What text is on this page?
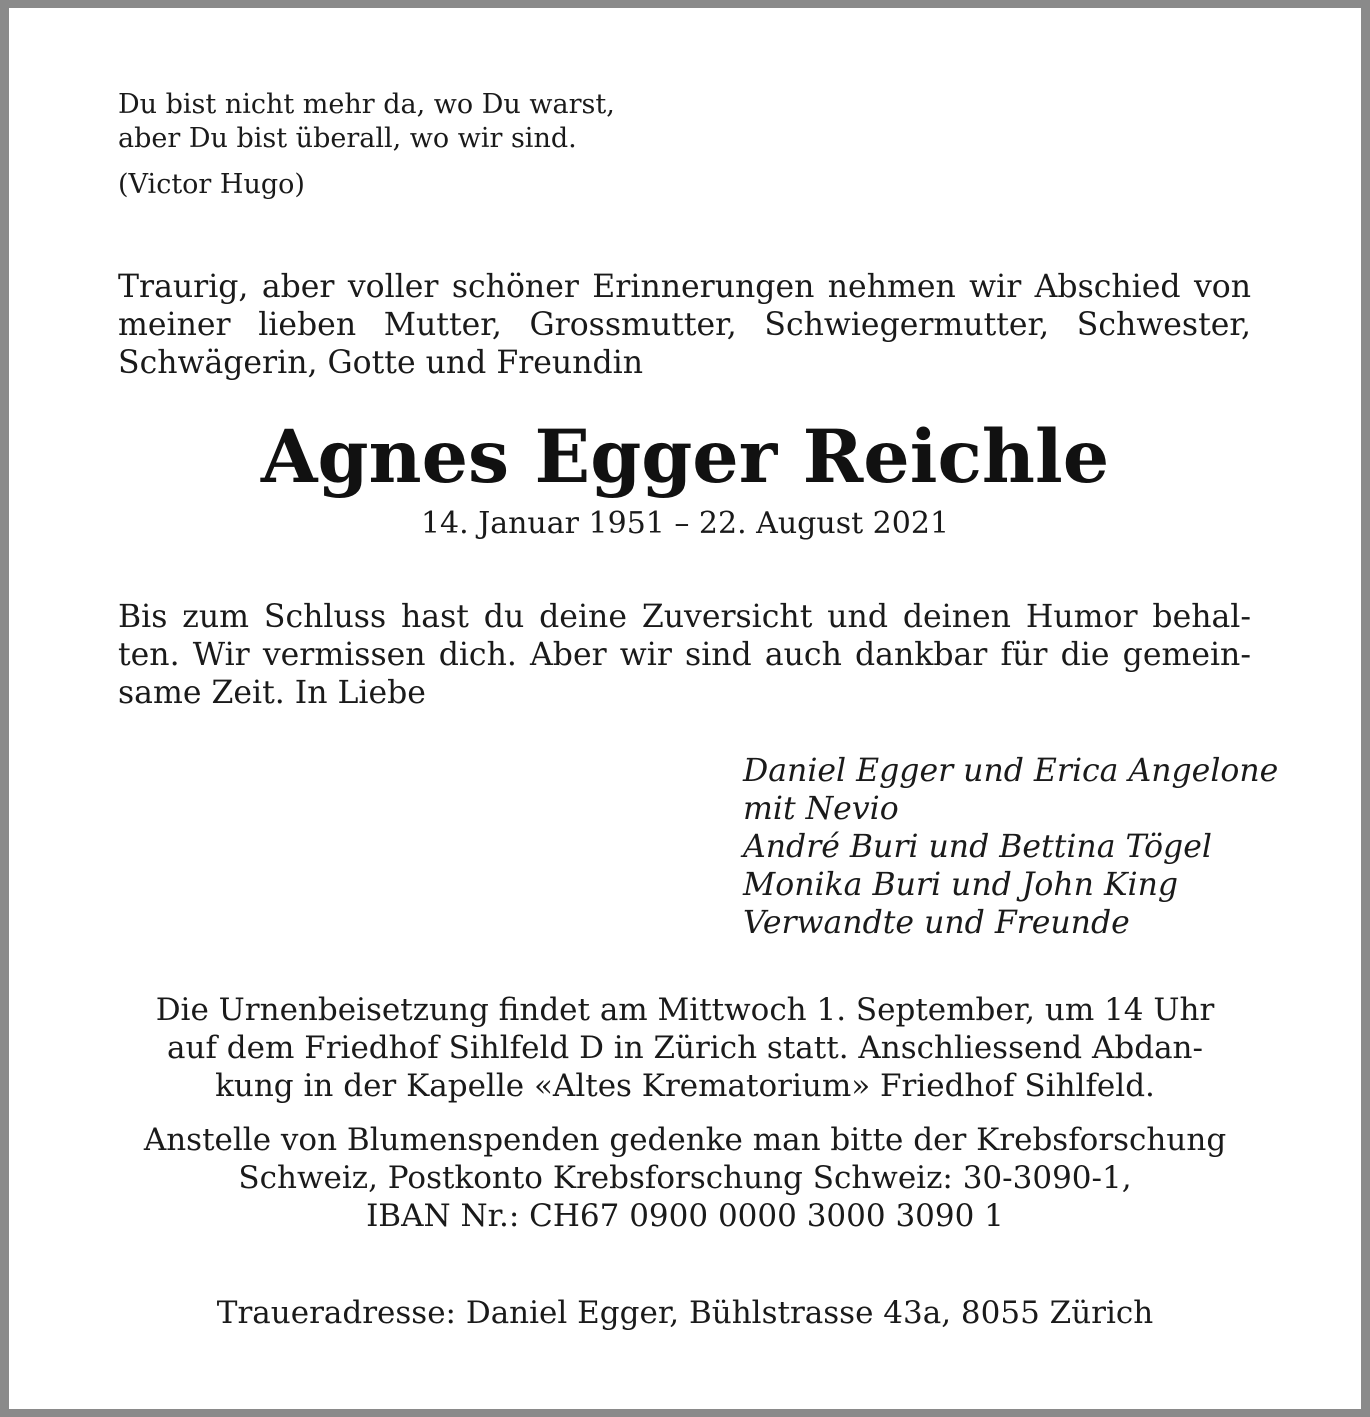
Du bist nicht mehr da, wo Du warst,
aber Du bist überall, wo wir sind.
(Victor Hugo)

Traurig, aber voller schöner Erinnerungen nehmen wir Abschied von meiner lieben Mutter, Grossmutter, Schwiegermutter, Schwester, Schwägerin, Gotte und Freundin

Agnes Egger Reichle
14. Januar 1951 – 22. August 2021
Bis zum Schluss hast du deine Zuversicht und deinen Humor behal-
ten. Wir vermissen dich. Aber wir sind auch dankbar für die gemein-
same Zeit. In Liebe
Daniel Egger und Erica Angelone
mit Nevio
André Buri und Bettina Tögel
Monika Buri und John King
Verwandte und Freunde
Die Urnenbeisetzung findet am Mittwoch 1. September, um 14 Uhr
auf dem Friedhof Sihlfeld D in Zürich statt. Anschliessend Abdan-
kung in der Kapelle «Altes Krematorium» Friedhof Sihlfeld.
Anstelle von Blumenspenden gedenke man bitte der Krebsforschung
Schweiz, Postkonto Krebsforschung Schweiz: 30-3090-1,
IBAN Nr.: CH67 0900 0000 3000 3090 1
Traueradresse: Daniel Egger, Bühlstrasse 43a, 8055 Zürich
